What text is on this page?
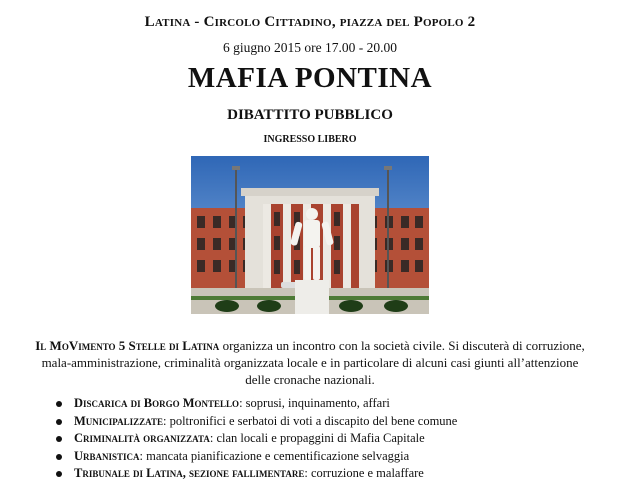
Latina - Circolo Cittadino, piazza del Popolo 2
6 giugno 2015 ore 17.00 - 20.00
MAFIA PONTINA
DIBATTITO PUBBLICO
INGRESSO LIBERO
Il MoVimento 5 Stelle di Latina organizza un incontro con la società civile. Si discuterà di corruzione, mala-amministrazione, criminalità organizzata locale e in particolare di alcuni casi giunti all’attenzione delle cronache nazionali.
Discarica di Borgo Montello: soprusi, inquinamento, affari
Municipalizzate: poltronifici e serbatoi di voti a discapito del bene comune
Criminalità organizzata: clan locali e propaggini di Mafia Capitale
Urbanistica: mancata pianificazione e cementificazione selvaggia
Tribunale di Latina, sezione fallimentare: corruzione e malaffare
